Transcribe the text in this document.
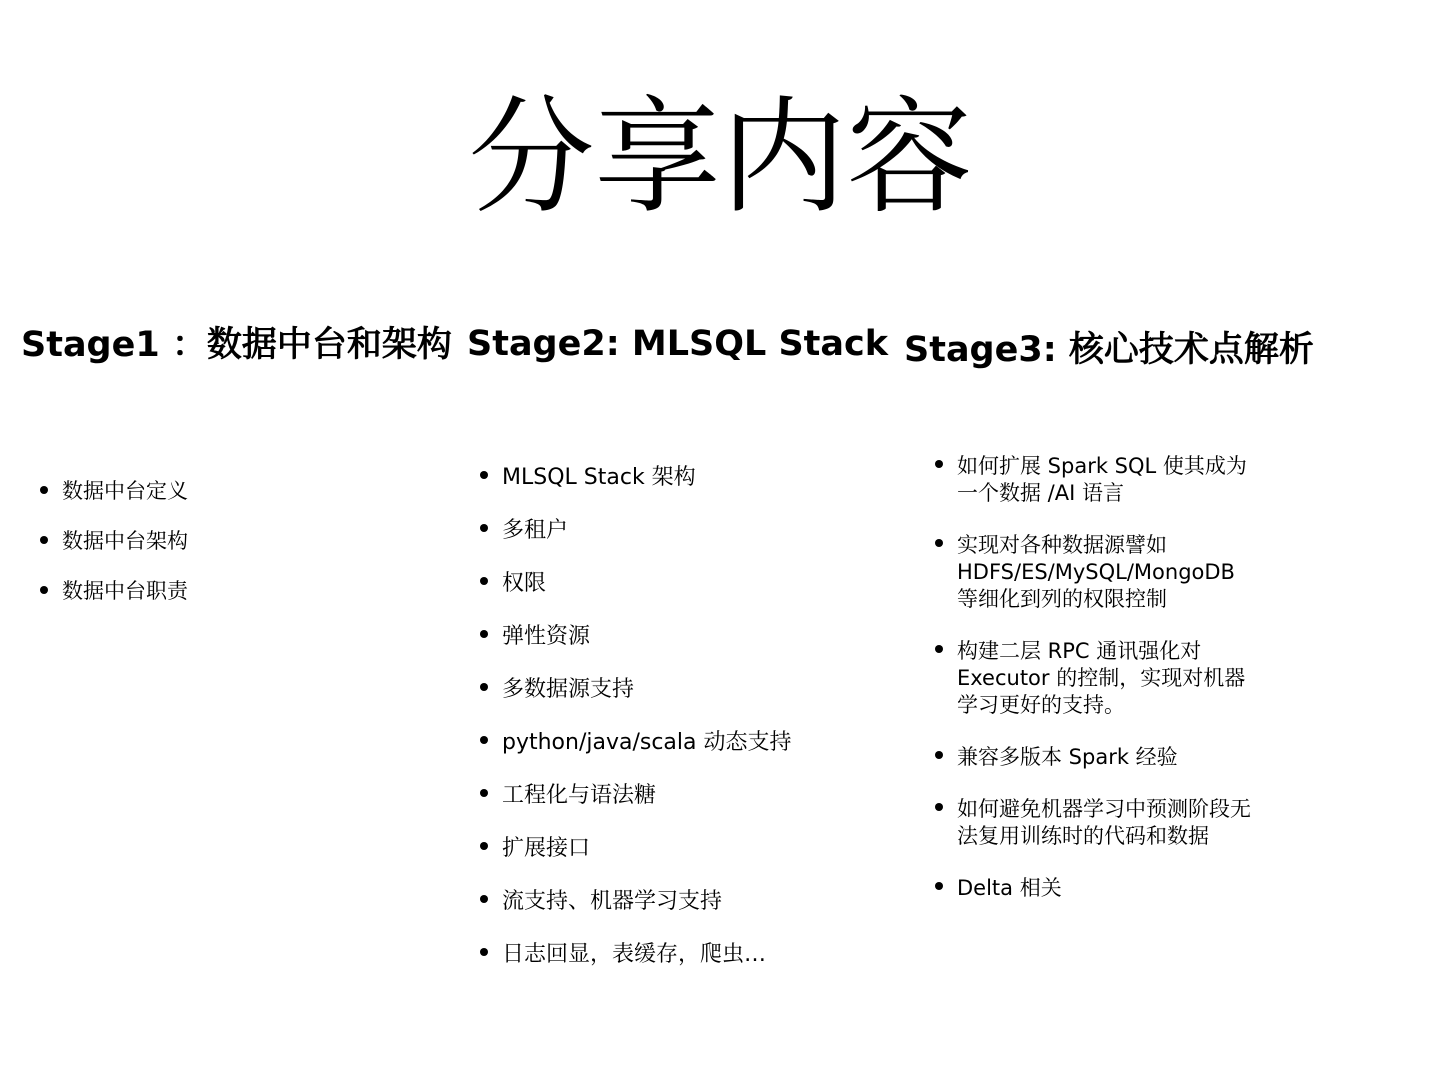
分享内容
Stage1 ：数据中台和架构 Stage2: MLSQL Stack Stage3: 核心技术点解析
数据中台定义
数据中台架构
数据中台职责
MLSQL Stack 架构
多租户
权限
弹性资源
多数据源支持
python/java/scala 动态支持
工程化与语法糖
扩展接口
流支持、机器学习支持
日志回显，表缓存，爬虫…
如何扩展 Spark SQL 使其成为一个数据 /AI 语言
实现对各种数据源譬如 HDFS/ES/MySQL/MongoDB 等细化到列的权限控制
构建二层 RPC 通讯强化对 Executor 的控制，实现对机器学习更好的支持。
兼容多版本 Spark 经验
如何避免机器学习中预测阶段无法复用训练时的代码和数据
Delta 相关
